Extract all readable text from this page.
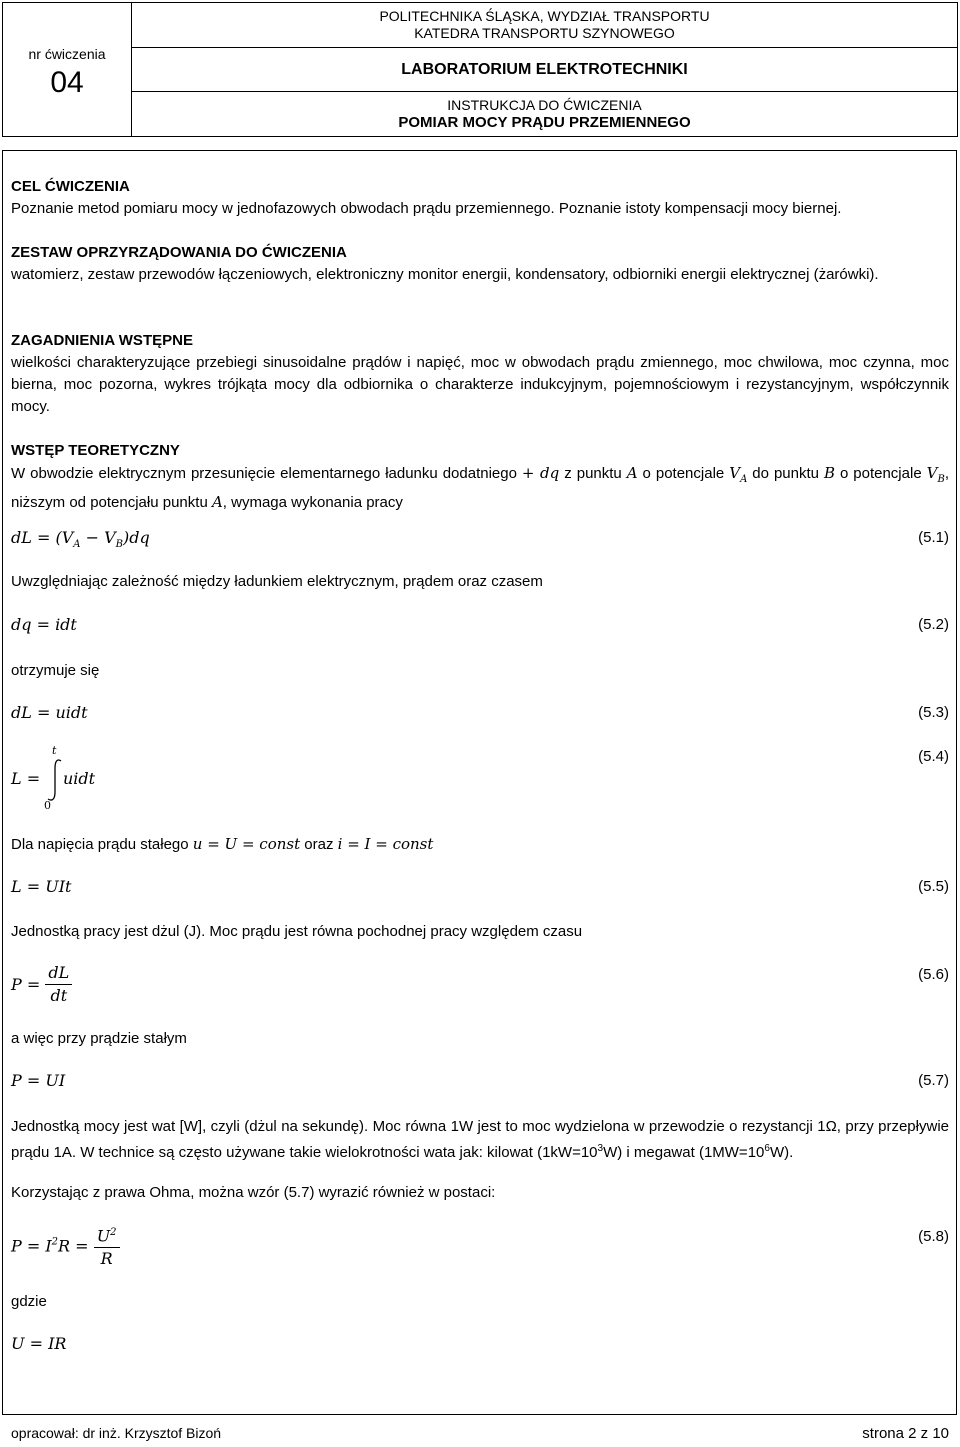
nr ćwiczenia
04

POLITECHNIKA ŚLĄSKA, WYDZIAŁ TRANSPORTU
KATEDRA TRANSPORTU SZYNOWEGO

LABORATORIUM ELEKTROTECHNIKI

INSTRUKCJA DO ĆWICZENIA
POMIAR MOCY PRĄDU PRZEMIENNEGO
CEL ĆWICZENIA
Poznanie metod pomiaru mocy w jednofazowych obwodach prądu przemiennego. Poznanie istoty kompensacji mocy biernej.
ZESTAW OPRZYRZĄDOWANIA DO ĆWICZENIA
watomierz, zestaw przewodów łączeniowych, elektroniczny monitor energii, kondensatory, odbiorniki energii elektrycznej (żarówki).
ZAGADNIENIA WSTĘPNE
wielkości charakteryzujące przebiegi sinusoidalne prądów i napięć, moc w obwodach prądu zmiennego, moc chwilowa, moc czynna, moc bierna, moc pozorna, wykres trójkąta mocy dla odbiornika o charakterze indukcyjnym, pojemnościowym i rezystancyjnym, współczynnik mocy.
WSTĘP TEORETYCZNY
W obwodzie elektrycznym przesunięcie elementarnego ładunku dodatniego + dq z punktu A o potencjale $V_A$ do punktu B o potencjale $V_B$, niższym od potencjału punktu A, wymaga wykonania pracy
dL = $(V_A - V_B)dq$	(5.1)
Uwzględniając zależność między ładunkiem elektrycznym, prądem oraz czasem
dq = idt	(5.2)
otrzymuje się
dL = uidt	(5.3)
L =
t
0
uidt
(5.4)
Dla napięcia prądu stałego u = U = const oraz i = I = const
L = UIt	(5.5)
Jednostką pracy jest dżul (J). Moc prądu jest równa pochodnej pracy względem czasu
$P = \frac{dL}{dt}$	(5.6)
a więc przy prądzie stałym
P = UI	(5.7)
Jednostką mocy jest wat [W], czyli (dżul na sekundę). Moc równa 1W jest to moc wydzielona w przewodzie o rezystancji 1Ω, przy przepływie prądu 1A. W technice są często używane takie wielokrotności wata jak: kilowat $(1kW=10^3W)$ i megawat $(1MW=10^6W)$.
Korzystając z prawa Ohma, można wzór (5.7) wyrazić również w postaci:
$P = I^2R = \frac{U^2}{R}$	(5.8)
gdzie
U = IR
opracował: dr inż. Krzysztof Bizoń	strona 2 z 10
